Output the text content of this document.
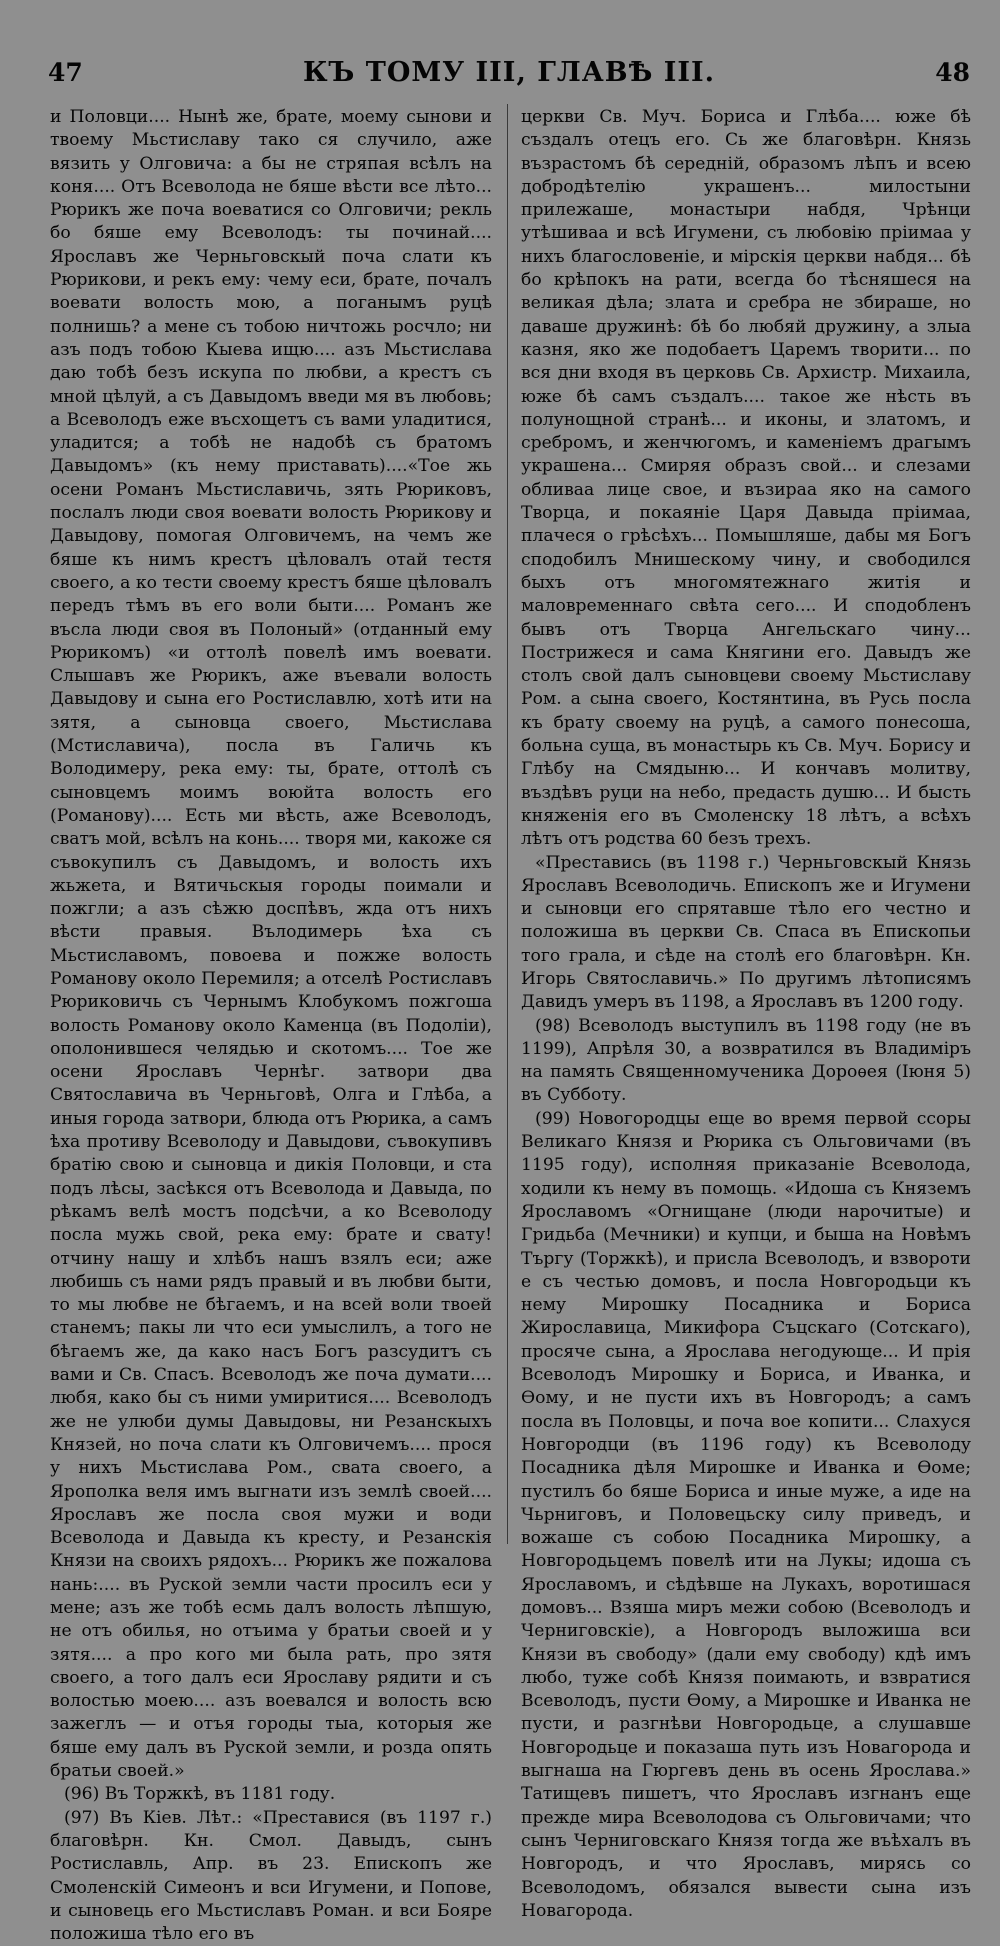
47	КЪ ТОМУ III, ГЛАВѢ III.	48

и Половци.... Нынѣ же, брате, моему сынови и твоему Мьстиславу тако ся случило, аже вязить у Олговича: а бы не стряпая всѣлъ на коня.... Отъ Всеволода не бяше вѣсти все лѣто... Рюрикъ же поча воеватися со Олговичи; рекль бо бяше ему Всеволодъ: ты починай.... Ярославъ же Черньговскый поча слати къ Рюрикови, и рекъ ему: чему еси, брате, почалъ воевати волость мою, а поганымъ руцѣ полнишь? а мене съ тобою ничтожь росчло; ни азъ подъ тобою Кыева ищю.... азъ Мьстислава даю тобѣ безъ искупа по любви, а крестъ съ мной цѣлуй, а съ Давыдомъ введи мя въ любовь; а Всеволодъ еже въсхощетъ съ вами уладитися, уладится; а тобѣ не надобѣ съ братомъ Давыдомъ» (къ нему приставать)....«Тое жь осени Романъ Мьстиславичь, зять Рюриковъ, послалъ люди своя воевати волость Рюрикову и Давыдову, помогая Олговичемъ, на чемъ же бяше къ нимъ крестъ цѣловалъ отай тестя своего, а ко тести своему крестъ бяше цѣловалъ передъ тѣмъ въ его воли быти.... Романъ же въсла люди своя въ Полоный» (отданный ему Рюрикомъ) «и оттолѣ повелѣ имъ воевати. Слышавъ же Рюрикъ, аже въевали волость Давыдову и сына его Ростиславлю, хотѣ ити на зятя, а сыновца своего, Мьстислава (Мстиславича), посла въ Галичь къ Володимеру, река ему: ты, брате, оттолѣ съ сыновцемъ моимъ воюйта волость его (Романову).... Есть ми вѣсть, аже Всеволодъ, сватъ мой, всѣлъ на конь.... творя ми, какоже ся съвокупилъ съ Давыдомъ, и волость ихъ жьжета, и Вятичьскыя городы поимали и пожгли; а азъ сѣжю доспѣвъ, жда отъ нихъ вѣсти правыя. Вълодимерь ѣха съ Мьстиславомъ, повоева и пожже волость Романову около Перемиля; а отселѣ Ростиславъ Рюриковичь съ Чернымъ Клобукомъ пожгоша волость Романову около Каменца (въ Подоліи), ополонившеся челядью и скотомъ.... Тое же осени Ярославъ Чернѣг. затвори два Святославича въ Черньговѣ, Олга и Глѣба, а иныя города затвори, блюда отъ Рюрика, а самъ ѣха противу Всеволоду и Давыдови, съвокупивъ братію свою и сыновца и дикія Половци, и ста подъ лѣсы, засѣкся отъ Всеволода и Давыда, по рѣкамъ велѣ мостъ подсѣчи, а ко Всеволоду посла мужь свой, река ему: брате и свату! отчину нашу и хлѣбъ нашъ взялъ еси; аже любишь съ нами рядъ правый и въ любви быти, то мы любве не бѣгаемъ, и на всей воли твоей станемъ; пакы ли что еси умыслилъ, а того не бѣгаемъ же, да како насъ Богъ разсудитъ съ вами и Св. Спасъ. Всеволодъ же поча думати.... любя, како бы съ ними умиритися.... Всеволодъ же не улюби думы Давыдовы, ни Резанскыхъ Князей, но поча слати къ Олговичемъ.... прося у нихъ Мьстислава Ром., свата своего, а Ярополка веля имъ выгнати изъ землѣ своей.... Ярославъ же посла своя мужи и води Всеволода и Давыда къ кресту, и Резанскія Князи на своихъ рядохъ... Рюрикъ же пожалова нань:.... въ Руской земли части просилъ еси у мене; азъ же тобѣ есмь далъ волость лѣпшую, не отъ обилья, но отъима у братьи своей и у зятя.... а про кого ми была рать, про зятя своего, а того далъ еси Ярославу рядити и съ волостью моею.... азъ воевался и волость всю зажеглъ — и отъя городы тыа, которыя же бяше ему далъ въ Руской земли, и розда опять братьи своей.»

(96) Въ Торжкѣ, въ 1181 году.

(97) Въ Кіев. Лѣт.: «Преставися (въ 1197 г.) благовѣрн. Кн. Смол. Давыдъ, сынъ Ростиславль, Апр. въ 23. Епископъ же Смоленскій Симеонъ и вси Игумени, и Попове, и сыновець его Мьстиславъ Роман. и вси Бояре положиша тѣло его въ

церкви Св. Муч. Бориса и Глѣба.... юже бѣ създалъ отецъ его. Сь же благовѣрн. Князь възрастомъ бѣ середній, образомъ лѣпъ и всею добродѣтелію украшенъ... милостыни прилежаше, монастыри набдя, Чрѣнци утѣшиваа и всѣ Игумени, съ любовію пріимаа у нихъ благословеніе, и мірскія церкви набдя... бѣ бо крѣпокъ на рати, всегда бо тѣсняшеся на великая дѣла; злата и сребра не збираше, но даваше дружинѣ: бѣ бо любяй дружину, а злыа казня, яко же подобаетъ Царемъ творити... по вся дни входя въ церковь Св. Архистр. Михаила, юже бѣ самъ създалъ.... такое же нѣсть въ полунощной странѣ... и иконы, и златомъ, и сребромъ, и женчюгомъ, и каменіемъ драгымъ украшена... Смиряя образъ свой... и слезами обливаа лице свое, и възираа яко на самого Творца, и покаяніе Царя Давыда пріимаа, плачеся о грѣсѣхъ... Помышляше, дабы мя Богъ сподобилъ Мнишескому чину, и свободился быхъ отъ многомятежнаго житія и маловременнаго свѣта сего.... И сподобленъ бывъ отъ Творца Ангельскаго чину... Пострижеся и сама Княгини его. Давыдъ же столъ свой далъ сыновцеви своему Мьстиславу Ром. а сына своего, Костянтина, въ Русь посла къ брату своему на руцѣ, а самого понесоша, больна суща, въ монастырь къ Св. Муч. Борису и Глѣбу на Смядыню... И кончавъ молитву, въздѣвъ руци на небо, предасть душю... И бысть княженія его въ Смоленску 18 лѣтъ, а всѣхъ лѣтъ отъ родства 60 безъ трехъ.

«Преставись (въ 1198 г.) Черньговскый Князь Ярославъ Всеволодичь. Епископъ же и Игумени и сыновци его спрятавше тѣло его честно и положиша въ церкви Св. Спаса въ Епископьи того грала, и сѣде на столѣ его благовѣрн. Кн. Игорь Святославичь.» По другимъ лѣтописямъ Давидъ умеръ въ 1198, а Ярославъ въ 1200 году.

(98) Всеволодъ выступилъ въ 1198 году (не въ 1199), Апрѣля 30, а возвратился въ Владиміръ на память Священномученика Дороѳея (Іюня 5) въ Субботу.

(99) Новогородцы еще во время первой ссоры Великаго Князя и Рюрика съ Ольговичами (въ 1195 году), исполняя приказаніе Всеволода, ходили къ нему въ помощь. «Идоша съ Княземъ Ярославомъ «Огнищане (люди нарочитые) и Гридьба (Мечники) и купци, и быша на Новѣмъ Търгу (Торжкѣ), и присла Всеволодъ, и взвороти е съ честью домовъ, и посла Новгородьци къ нему Мирошку Посадника и Бориса Жирославица, Микифора Съцскаго (Сотскаго), просяче сына, а Ярослава негодующе... И прія Всеволодъ Мирошку и Бориса, и Иванка, и Ѳому, и не пусти ихъ въ Новгородъ; а самъ посла въ Половцы, и поча вое копити... Слахуся Новгородци (въ 1196 году) къ Всеволоду Посадника дѣля Мирошке и Иванка и Ѳоме; пустилъ бо бяше Бориса и иные муже, а иде на Чьрниговъ, и Половецьску силу приведъ, и вожаше съ собою Посадника Мирошку, а Новгородьцемъ повелѣ ити на Лукы; идоша съ Ярославомъ, и сѣдѣвше на Лукахъ, воротишася домовъ... Взяша миръ межи собою (Всеволодъ и Черниговскіе), а Новгородъ выложиша вси Князи въ свободу» (дали ему свободу) кдѣ имъ любо, туже собѣ Князя поимають, и взвратися Всеволодъ, пусти Ѳому, а Мирошке и Иванка не пусти, и разгнѣви Новгородьце, а слушавше Новгородьце и показаша путь изъ Новагорода и выгнаша на Гюргевъ день въ осень Ярослава.» Татищевъ пишетъ, что Ярославъ изгнанъ еще прежде мира Всеволодова съ Ольговичами; что сынъ Черниговскаго Князя тогда же въѣхалъ въ Новгородъ, и что Ярославъ, мирясь со Всеволодомъ, обязался вывести сына изъ Новагорода.
